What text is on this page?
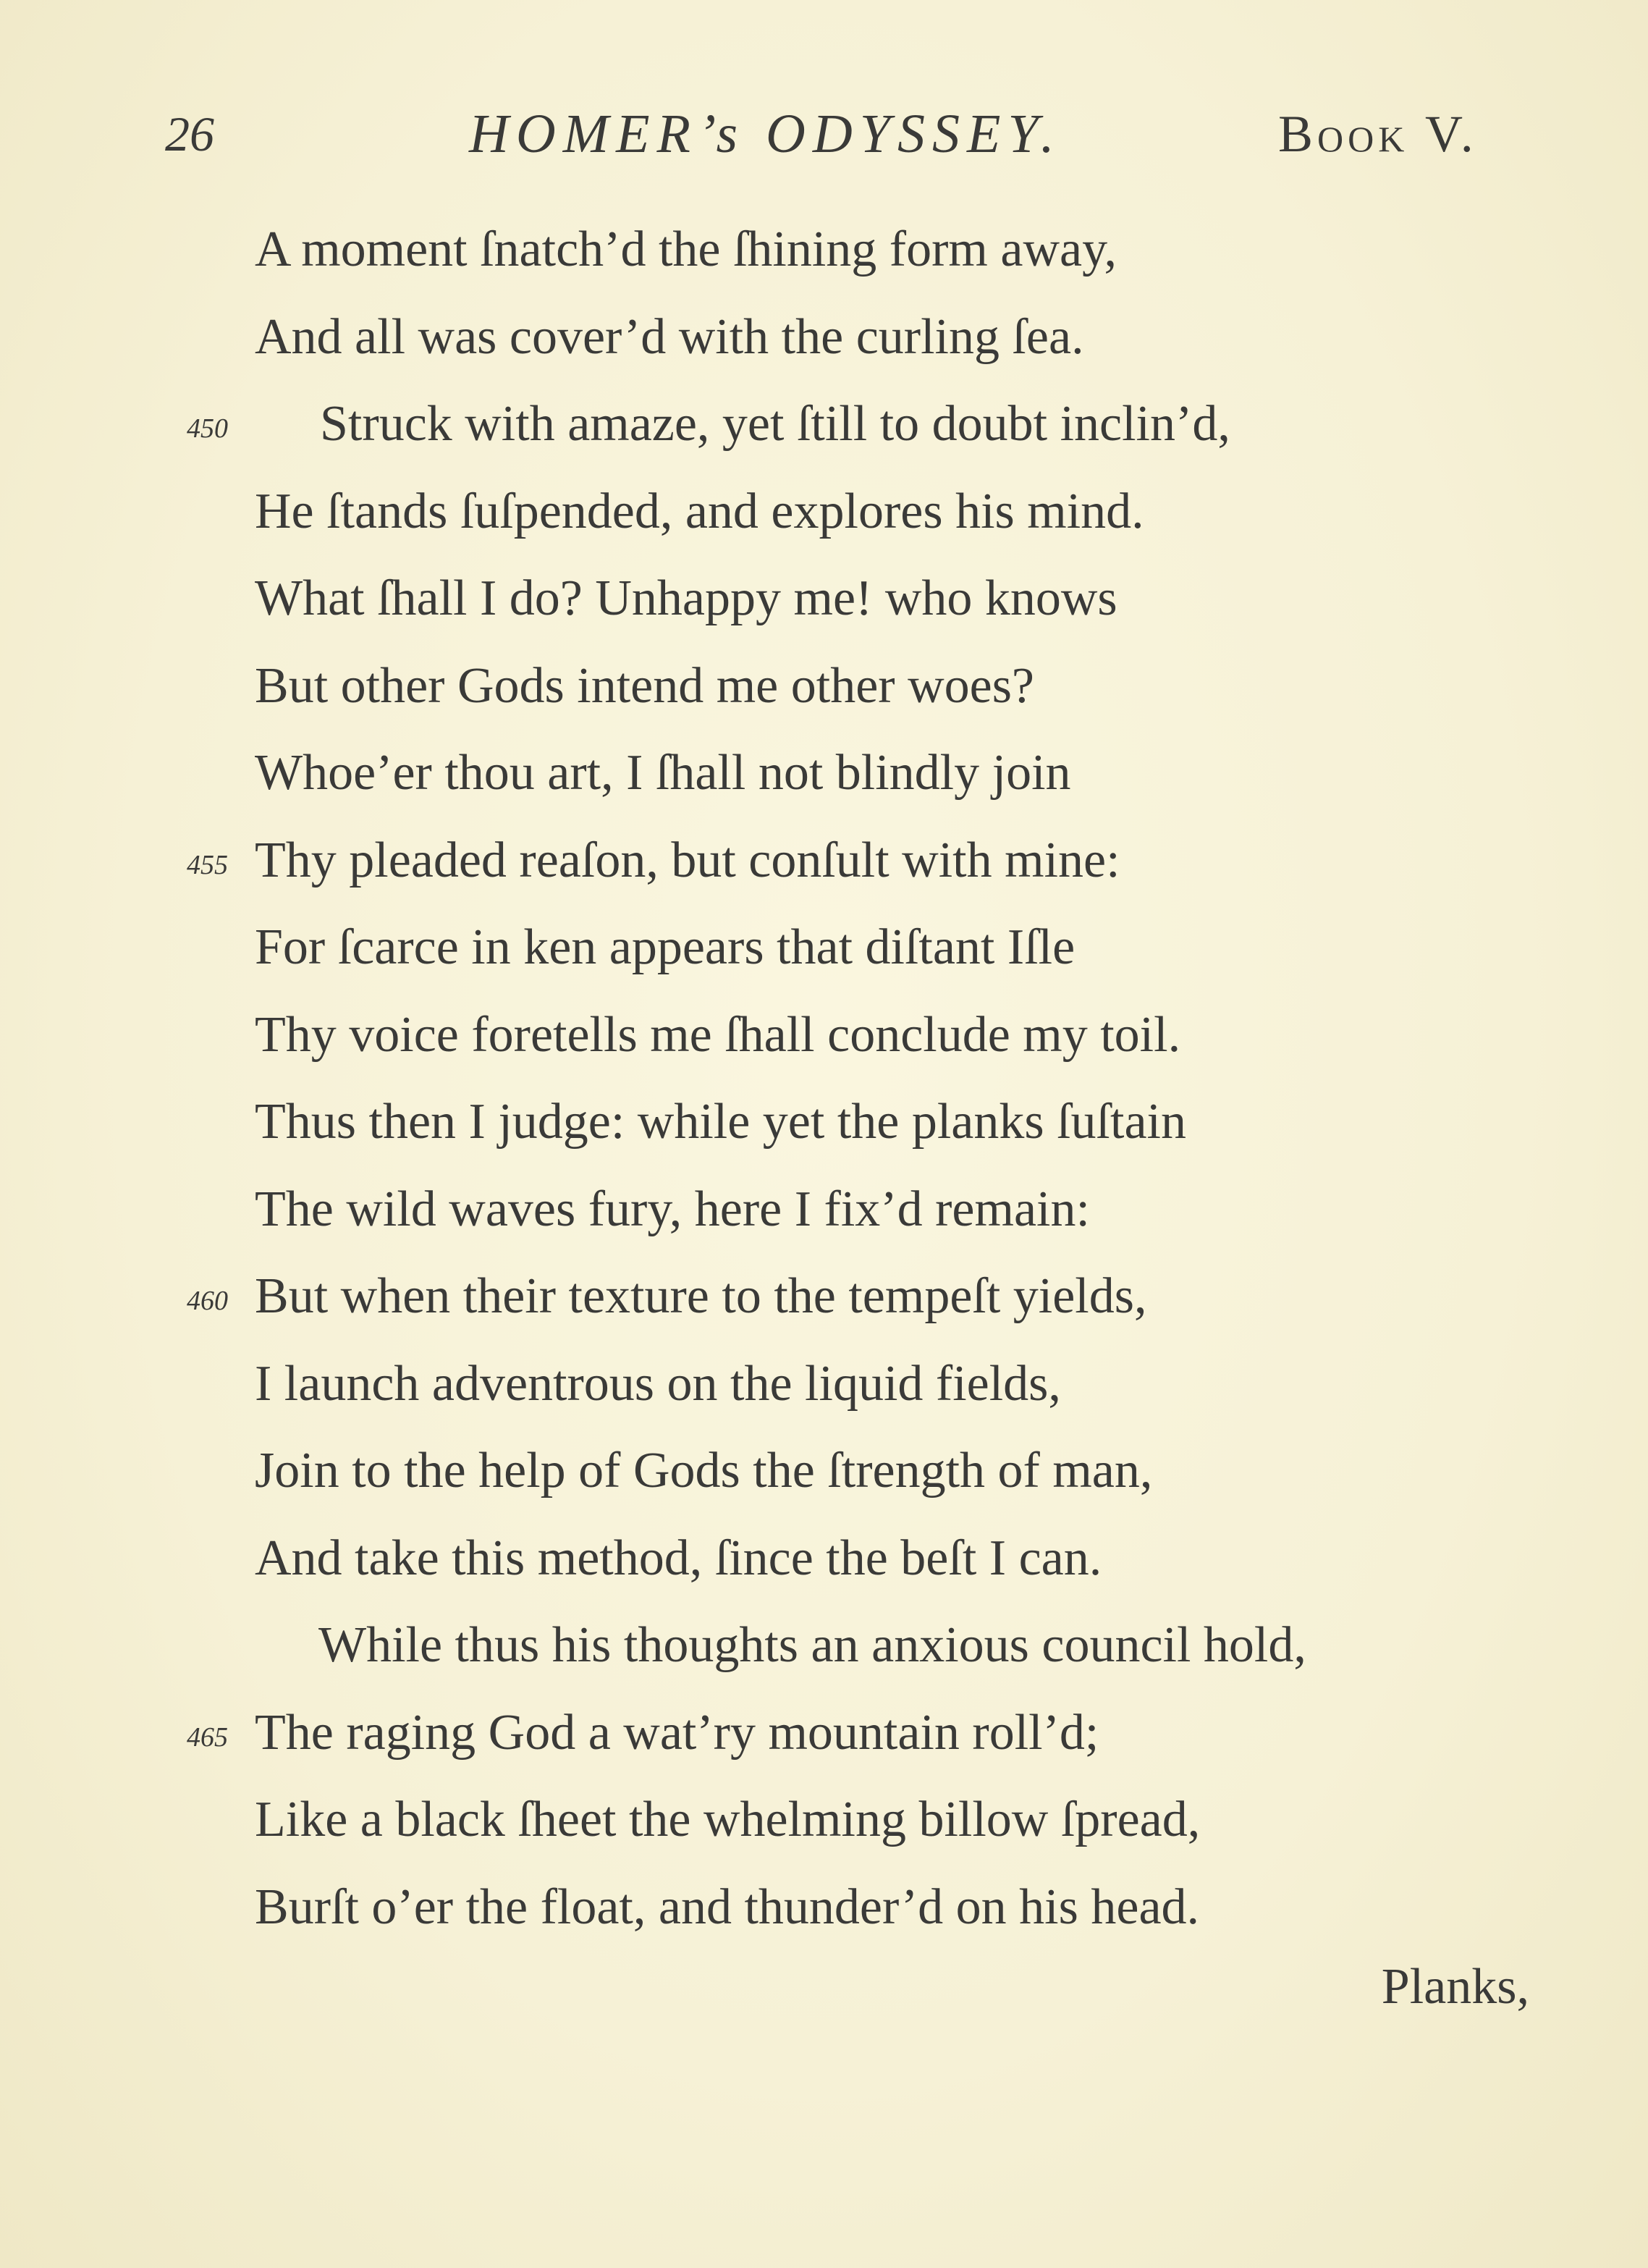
26	HOMER’s ODYSSEY.	Book V.
A moment ſnatch’d the ſhining form away,
And all was cover’d with the curling ſea.
450 Struck with amaze, yet ſtill to doubt inclin’d,
He ſtands ſuſpended, and explores his mind.
What ſhall I do? Unhappy me! who knows
But other Gods intend me other woes?
Whoe’er thou art, I ſhall not blindly join
455 Thy pleaded reaſon, but conſult with mine:
For ſcarce in ken appears that diſtant Iſle
Thy voice foretells me ſhall conclude my toil.
Thus then I judge: while yet the planks ſuſtain
The wild waves fury, here I fix’d remain:
460 But when their texture to the tempeſt yields,
I launch adventrous on the liquid fields,
Join to the help of Gods the ſtrength of man,
And take this method, ſince the beſt I can.
While thus his thoughts an anxious council hold,
465 The raging God a wat’ry mountain roll’d;
Like a black ſheet the whelming billow ſpread,
Burſt o’er the float, and thunder’d on his head.
Planks,
